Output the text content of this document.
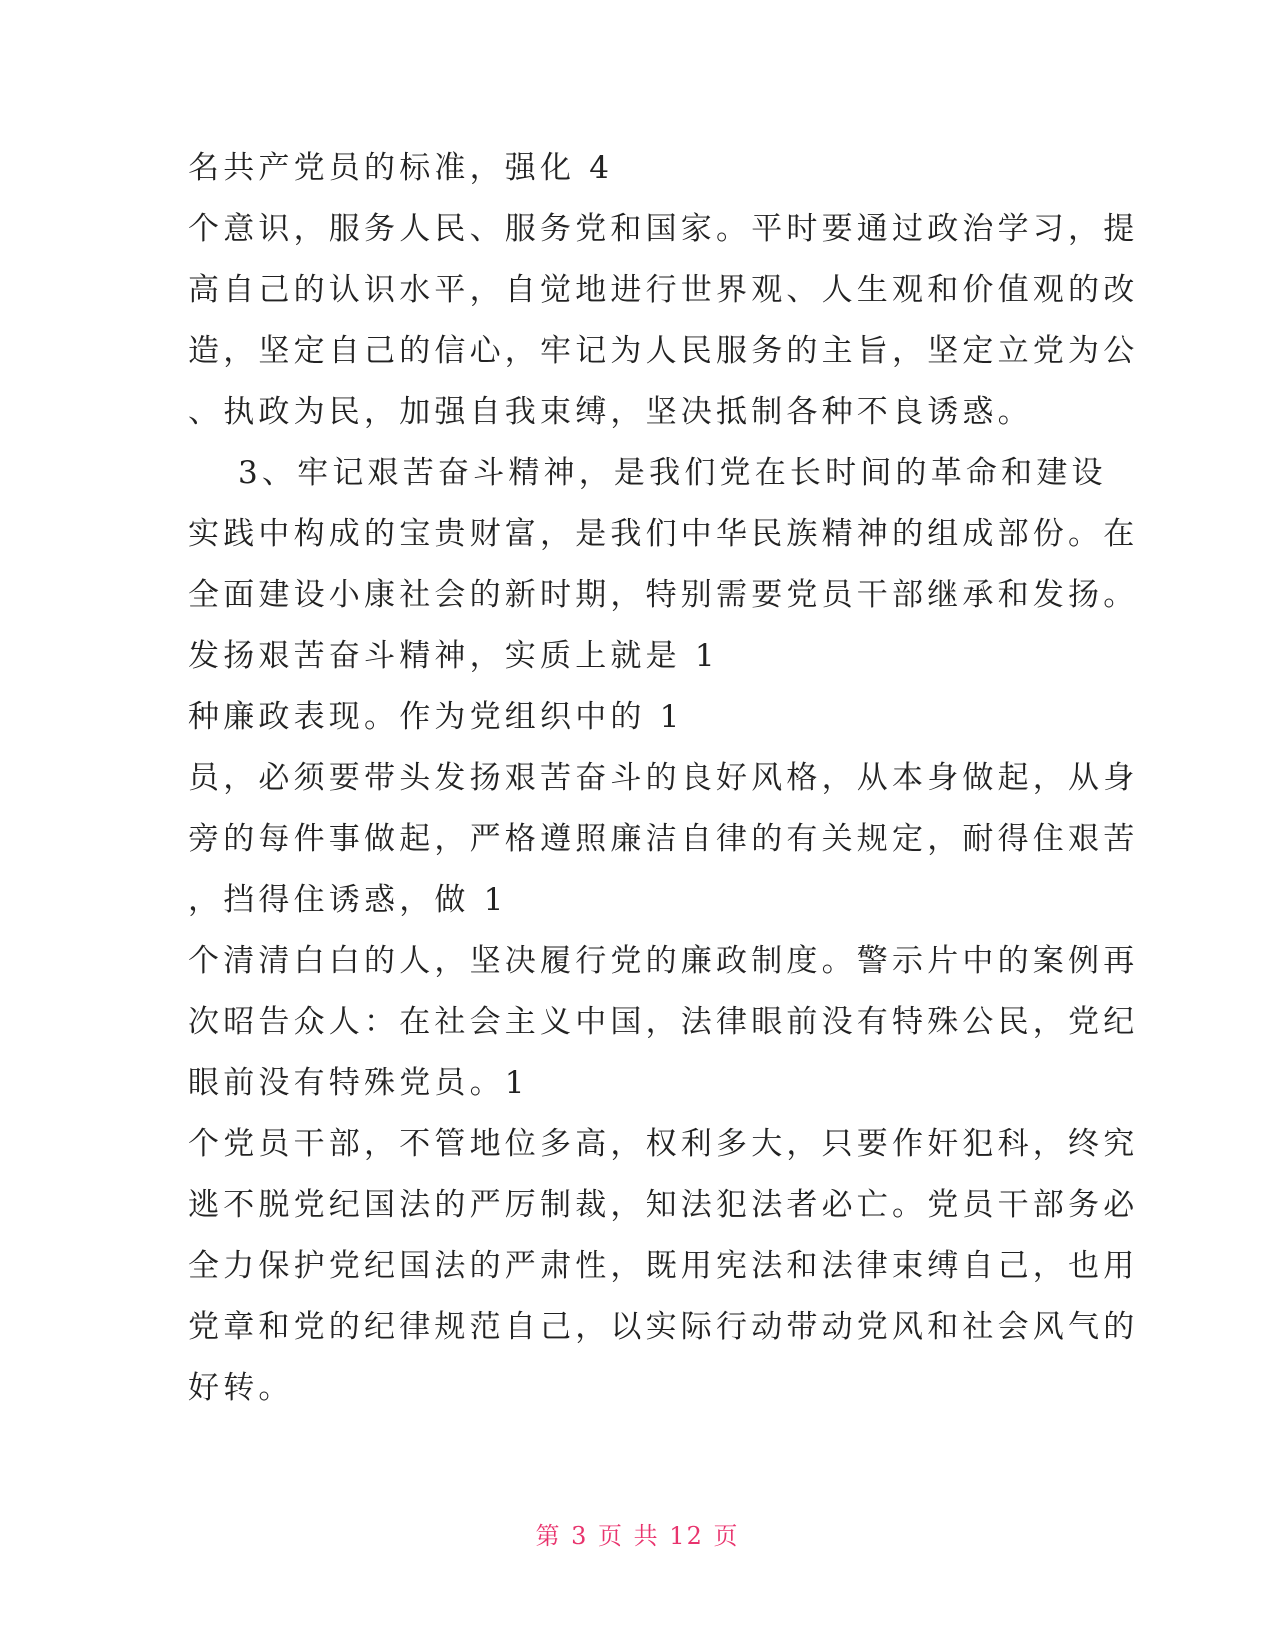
名共产党员的标准，强化 4
个意识，服务人民、服务党和国家。平时要通过政治学习，提
高自己的认识水平，自觉地进行世界观、人生观和价值观的改
造，坚定自己的信心，牢记为人民服务的主旨，坚定立党为公
、执政为民，加强自我束缚，坚决抵制各种不良诱惑。
3、牢记艰苦奋斗精神，是我们党在长时间的革命和建设
实践中构成的宝贵财富，是我们中华民族精神的组成部份。在
全面建设小康社会的新时期，特别需要党员干部继承和发扬。
发扬艰苦奋斗精神，实质上就是 1
种廉政表现。作为党组织中的 1
员，必须要带头发扬艰苦奋斗的良好风格，从本身做起，从身
旁的每件事做起，严格遵照廉洁自律的有关规定，耐得住艰苦
，挡得住诱惑，做 1
个清清白白的人，坚决履行党的廉政制度。警示片中的案例再
次昭告众人：在社会主义中国，法律眼前没有特殊公民，党纪
眼前没有特殊党员。1
个党员干部，不管地位多高，权利多大，只要作奸犯科，终究
逃不脱党纪国法的严厉制裁，知法犯法者必亡。党员干部务必
全力保护党纪国法的严肃性，既用宪法和法律束缚自己，也用
党章和党的纪律规范自己，以实际行动带动党风和社会风气的
好转。
第 3 页 共 12 页
